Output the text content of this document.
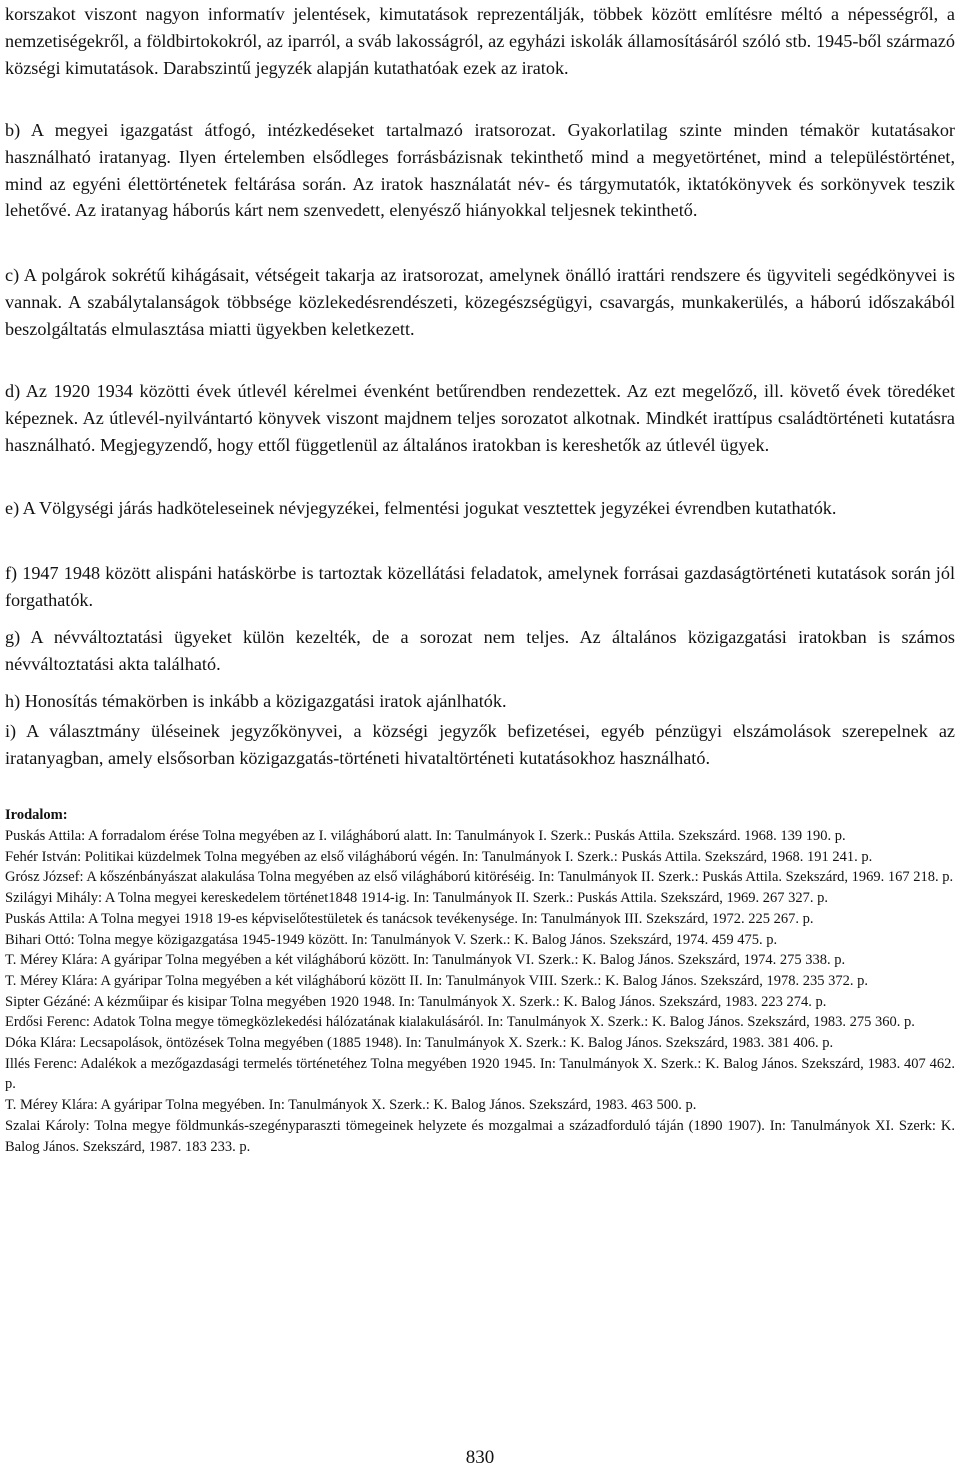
korszakot viszont nagyon informatív jelentések, kimutatások reprezentálják, többek között említésre méltó a népességről, a nemzetiségekről, a földbirtokokról, az iparról, a sváb lakosságról, az egyházi iskolák államosításáról szóló stb. 1945-ből származó községi kimutatások. Darabszintű jegyzék alapján kutathatóak ezek az iratok.

b) A megyei igazgatást átfogó, intézkedéseket tartalmazó iratsorozat. Gyakorlatilag szinte minden témakör kutatásakor használható iratanyag. Ilyen értelemben elsődleges forrásbázisnak tekinthető mind a megyetörténet, mind a településtörténet, mind az egyéni élettörténetek feltárása során. Az iratok használatát név- és tárgymutatók, iktatókönyvek és sorkönyvek teszik lehetővé. Az iratanyag háborús kárt nem szenvedett, elenyésző hiányokkal teljesnek tekinthető.

c) A polgárok sokrétű kihágásait, vétségeit takarja az iratsorozat, amelynek önálló irattári rendszere és ügyviteli segédkönyvei is vannak. A szabálytalanságok többsége közlekedésrendészeti, közegészségügyi, csavargás, munkakerülés, a háború időszakából beszolgáltatás elmulasztása miatti ügyekben keletkezett.

d) Az 1920 1934 közötti évek útlevél kérelmei évenként betűrendben rendezettek. Az ezt megelőző, ill. követő évek töredéket képeznek. Az útlevél-nyilvántartó könyvek viszont majdnem teljes sorozatot alkotnak. Mindkét irattípus családtörténeti kutatásra használható. Megjegyzendő, hogy ettől függetlenül az általános iratokban is kereshetők az útlevél ügyek.

e) A Völgységi járás hadköteleseinek névjegyzékei, felmentési jogukat vesztettek jegyzékei évrendben kutathatók.

f) 1947 1948 között alispáni hatáskörbe is tartoztak közellátási feladatok, amelynek forrásai gazdaságtörténeti kutatások során jól forgathatók.

g) A névváltoztatási ügyeket külön kezelték, de a sorozat nem teljes. Az általános közigazgatási iratokban is számos névváltoztatási akta található.

h) Honosítás témakörben is inkább a közigazgatási iratok ajánlhatók.

i) A választmány üléseinek jegyzőkönyvei, a községi jegyzők befizetései, egyéb pénzügyi elszámolások szerepelnek az iratanyagban, amely elsősorban közigazgatás-történeti hivataltörténeti kutatásokhoz használható.

Irodalom:
Puskás Attila: A forradalom érése Tolna megyében az I. világháború alatt. In: Tanulmányok I. Szerk.: Puskás Attila. Szekszárd. 1968. 139 190. p.
Fehér István: Politikai küzdelmek Tolna megyében az első világháború végén. In: Tanulmányok I. Szerk.: Puskás Attila. Szekszárd, 1968. 191 241. p.
Grósz József: A kőszénbányászat alakulása Tolna megyében az első világháború kitöréséig. In: Tanulmányok II. Szerk.: Puskás Attila. Szekszárd, 1969. 167 218. p.
Szilágyi Mihály: A Tolna megyei kereskedelem történet1848 1914-ig. In: Tanulmányok II. Szerk.: Puskás Attila. Szekszárd, 1969. 267 327. p.
Puskás Attila: A Tolna megyei 1918 19-es képviselőtestületek és tanácsok tevékenysége. In: Tanulmányok III. Szekszárd, 1972. 225 267. p.
Bihari Ottó: Tolna megye közigazgatása 1945-1949 között. In: Tanulmányok V. Szerk.: K. Balog János. Szekszárd, 1974. 459 475. p.
T. Mérey Klára: A gyáripar Tolna megyében a két világháború között. In: Tanulmányok VI. Szerk.: K. Balog János. Szekszárd, 1974. 275 338. p.
T. Mérey Klára: A gyáripar Tolna megyében a két világháború között II. In: Tanulmányok VIII. Szerk.: K. Balog János. Szekszárd, 1978. 235 372. p.
Sipter Gézáné: A kézműipar és kisipar Tolna megyében 1920 1948. In: Tanulmányok X. Szerk.: K. Balog János. Szekszárd, 1983. 223 274. p.
Erdősi Ferenc: Adatok Tolna megye tömegközlekedési hálózatának kialakulásáról. In: Tanulmányok X. Szerk.: K. Balog János. Szekszárd, 1983. 275 360. p.
Dóka Klára: Lecsapolások, öntözések Tolna megyében (1885 1948). In: Tanulmányok X. Szerk.: K. Balog János. Szekszárd, 1983. 381 406. p.
Illés Ferenc: Adalékok a mezőgazdasági termelés történetéhez Tolna megyében 1920 1945. In: Tanulmányok X. Szerk.: K. Balog János. Szekszárd, 1983. 407 462. p.
T. Mérey Klára: A gyáripar Tolna megyében. In: Tanulmányok X. Szerk.: K. Balog János. Szekszárd, 1983. 463 500. p.
Szalai Károly: Tolna megye földmunkás-szegényparaszti tömegeinek helyzete és mozgalmai a századforduló táján (1890 1907). In: Tanulmányok XI. Szerk: K. Balog János. Szekszárd, 1987. 183 233. p.
830
